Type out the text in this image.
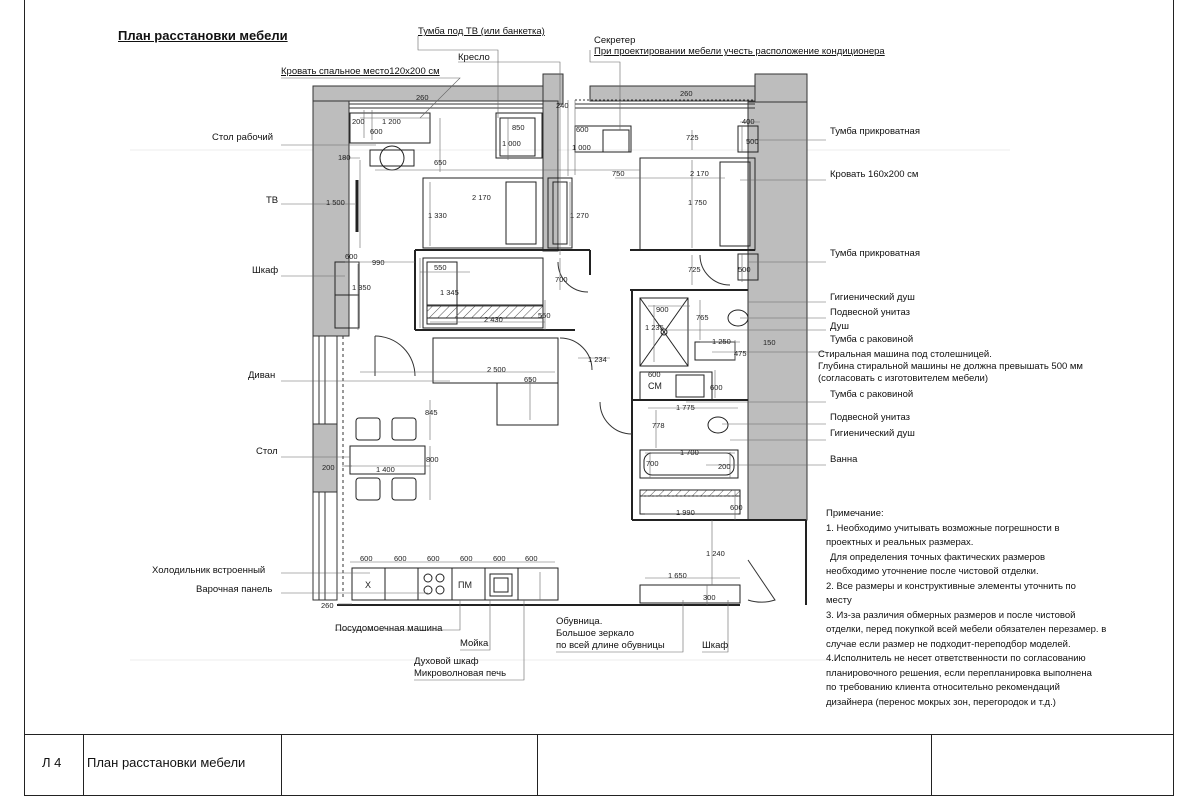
План расстановки мебели
260
1 200
200
600	850
1 000
240
600
1 000
260
400
500
725
180
650
750
2 170
2 170
1 500
1 330	1 270
1 750
600
990
550
700
725	500
1 350
1 345
2 430	550
900
765
1 235
1 250
475
150
1 234
2 500
650
600
600
845
1 775
778
800
200	1 400
1 700
700	200
1 990
600
600	600	600	600	600	600
1 240
1 650
260
300
СМ
ПМ
Х
Тумба под ТВ (или банкетка)
Секретер
При проектировании мебели учесть расположение кондиционера
Кресло
Кровать спальное место120х200 см
Стол рабочий
ТВ
Шкаф
Диван
Стол
Холодильник встроенный
Варочная панель
Посудомоечная машина
Мойка
Духовой шкаф
Микроволновая печь
Обувница.
Большое зеркало
по всей длине обувницы	Шкаф
Тумба прикроватная
Кровать 160х200 см
Тумба прикроватная
Гигиенический душ
Подвесной унитаз
Душ
Тумба с раковиной
Стиральная машина под столешницей.
Глубина стиральной машины не должна превышать 500 мм
(согласовать с изготовителем мебели)
Тумба с раковиной
Подвесной унитаз
Гигиенический душ
Ванна

Примечание:

1. Необходимо учитывать возможные погрешности в

проектных и реальных размерах.

Для определения точных фактических размеров

необходимо уточнение после чистовой отделки.

2. Все размеры и конструктивные элементы уточнить по

месту

3. Из-за различия обмерных размеров и после чистовой

отделки, перед покупкой всей мебели обязателен перезамер. в

случае если размер не подходит-переподбор моделей.

4.Исполнитель не несет ответственности по согласованию

планировочного решения, если перепланировка выполнена

по требованию клиента относительно рекомендаций

дизайнера (перенос мокрых зон, перегородок и т.д.)

Л 4 План расстановки мебели
